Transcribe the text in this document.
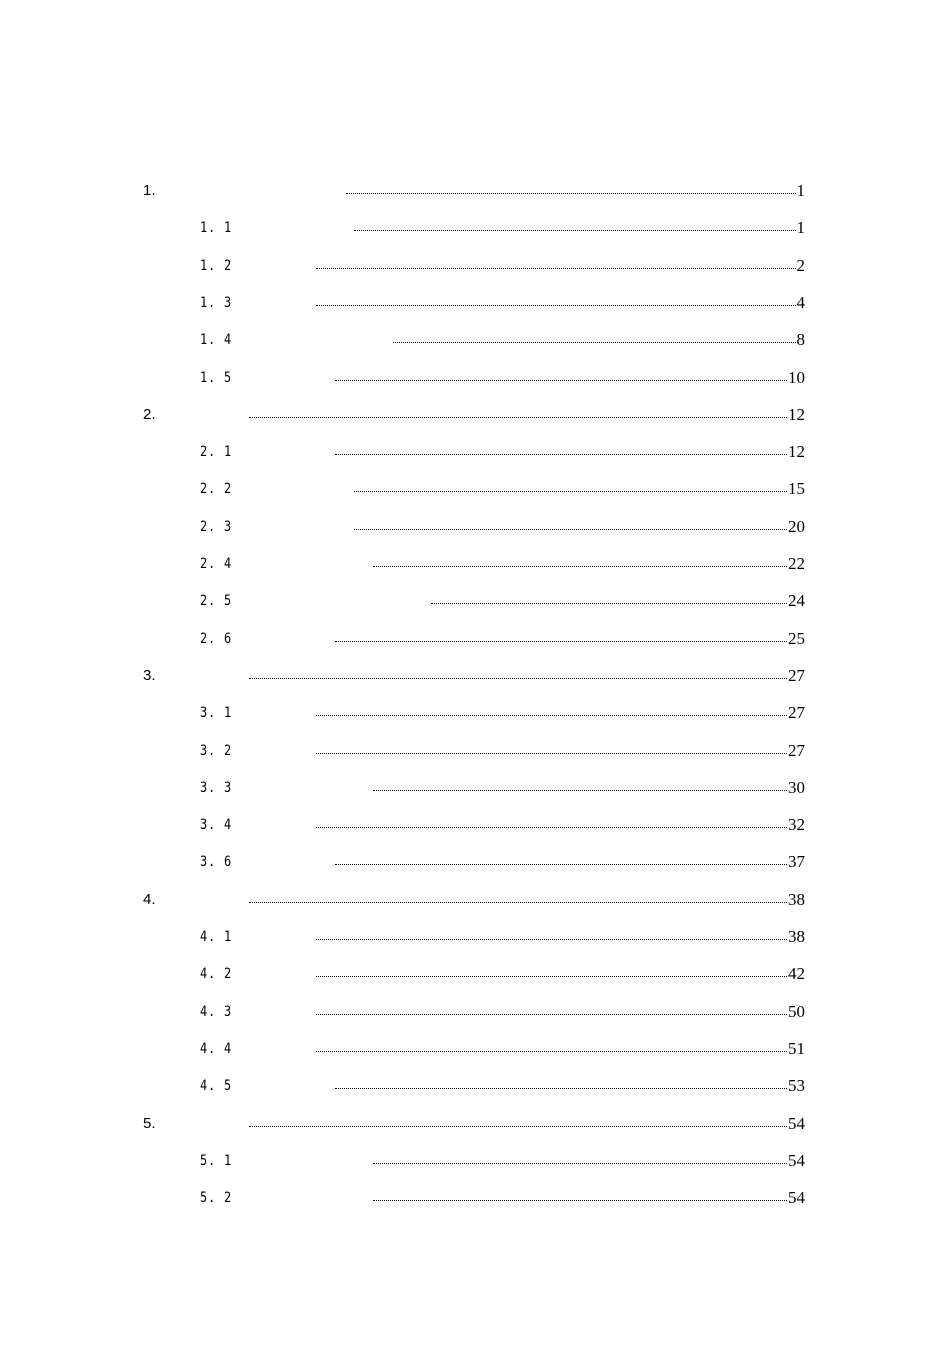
1.	1
1. 1	1
1. 2	2
1. 3	4
1. 4	8
1. 5	10
2.	12
2. 1	12
2. 2	15
2. 3	20
2. 4	22
2. 5	24
2. 6	25
3.	27
3. 1	27
3. 2	27
3. 3	30
3. 4	32
3. 6	37
4.	38
4. 1	38
4. 2	42
4. 3	50
4. 4	51
4. 5	53
5.	54
5. 1	54
5. 2	54
